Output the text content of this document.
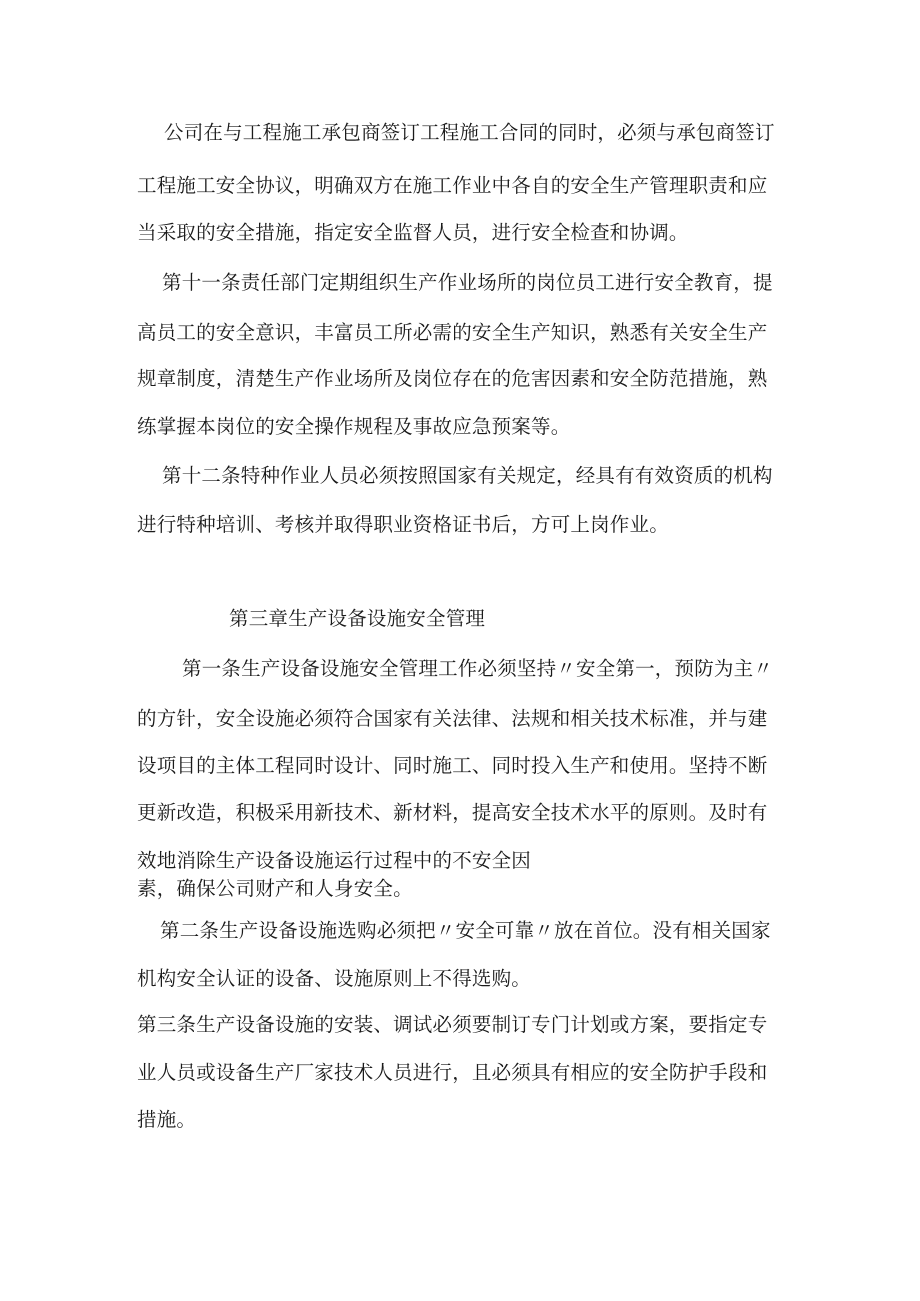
公司在与工程施工承包商签订工程施工合同的同时，必须与承包商签订
工程施工安全协议，明确双方在施工作业中各自的安全生产管理职责和应
当采取的安全措施，指定安全监督人员，进行安全检查和协调。
第十一条责任部门定期组织生产作业场所的岗位员工进行安全教育，提
高员工的安全意识，丰富员工所必需的安全生产知识，熟悉有关安全生产
规章制度，清楚生产作业场所及岗位存在的危害因素和安全防范措施，熟
练掌握本岗位的安全操作规程及事故应急预案等。
第十二条特种作业人员必须按照国家有关规定，经具有有效资质的机构
进行特种培训、考核并取得职业资格证书后，方可上岗作业。
第三章生产设备设施安全管理
第一条生产设备设施安全管理工作必须坚持〃安全第一，预防为主〃
的方针，安全设施必须符合国家有关法律、法规和相关技术标准，并与建
设项目的主体工程同时设计、同时施工、同时投入生产和使用。坚持不断
更新改造，积极采用新技术、新材料，提高安全技术水平的原则。及时有
效地消除生产设备设施运行过程中的不安全因
素，确保公司财产和人身安全。
第二条生产设备设施选购必须把〃安全可靠〃放在首位。没有相关国家
机构安全认证的设备、设施原则上不得选购。
第三条生产设备设施的安装、调试必须要制订专门计划或方案，要指定专
业人员或设备生产厂家技术人员进行，且必须具有相应的安全防护手段和
措施。
